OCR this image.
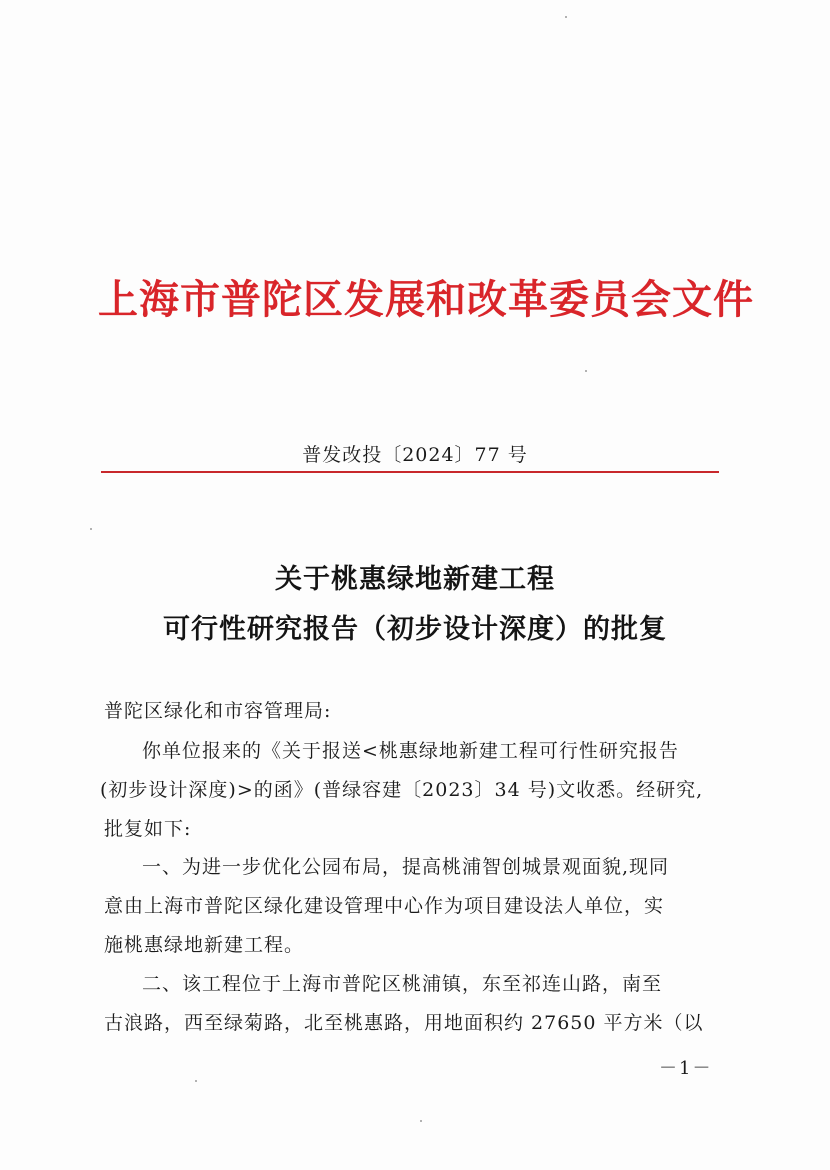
上海市普陀区发展和改革委员会文件
普发改投〔2024〕77 号
关于桃惠绿地新建工程
可行性研究报告（初步设计深度）的批复
普陀区绿化和市容管理局:
你单位报来的《关于报送<桃惠绿地新建工程可行性研究报告
(初步设计深度)>的函》(普绿容建〔2023〕34 号)文收悉。经研究,
批复如下:
一、为进一步优化公园布局，提高桃浦智创城景观面貌,现同
意由上海市普陀区绿化建设管理中心作为项目建设法人单位，实
施桃惠绿地新建工程。
二、该工程位于上海市普陀区桃浦镇，东至祁连山路，南至
古浪路，西至绿菊路，北至桃惠路，用地面积约 27650 平方米（以
－1－
